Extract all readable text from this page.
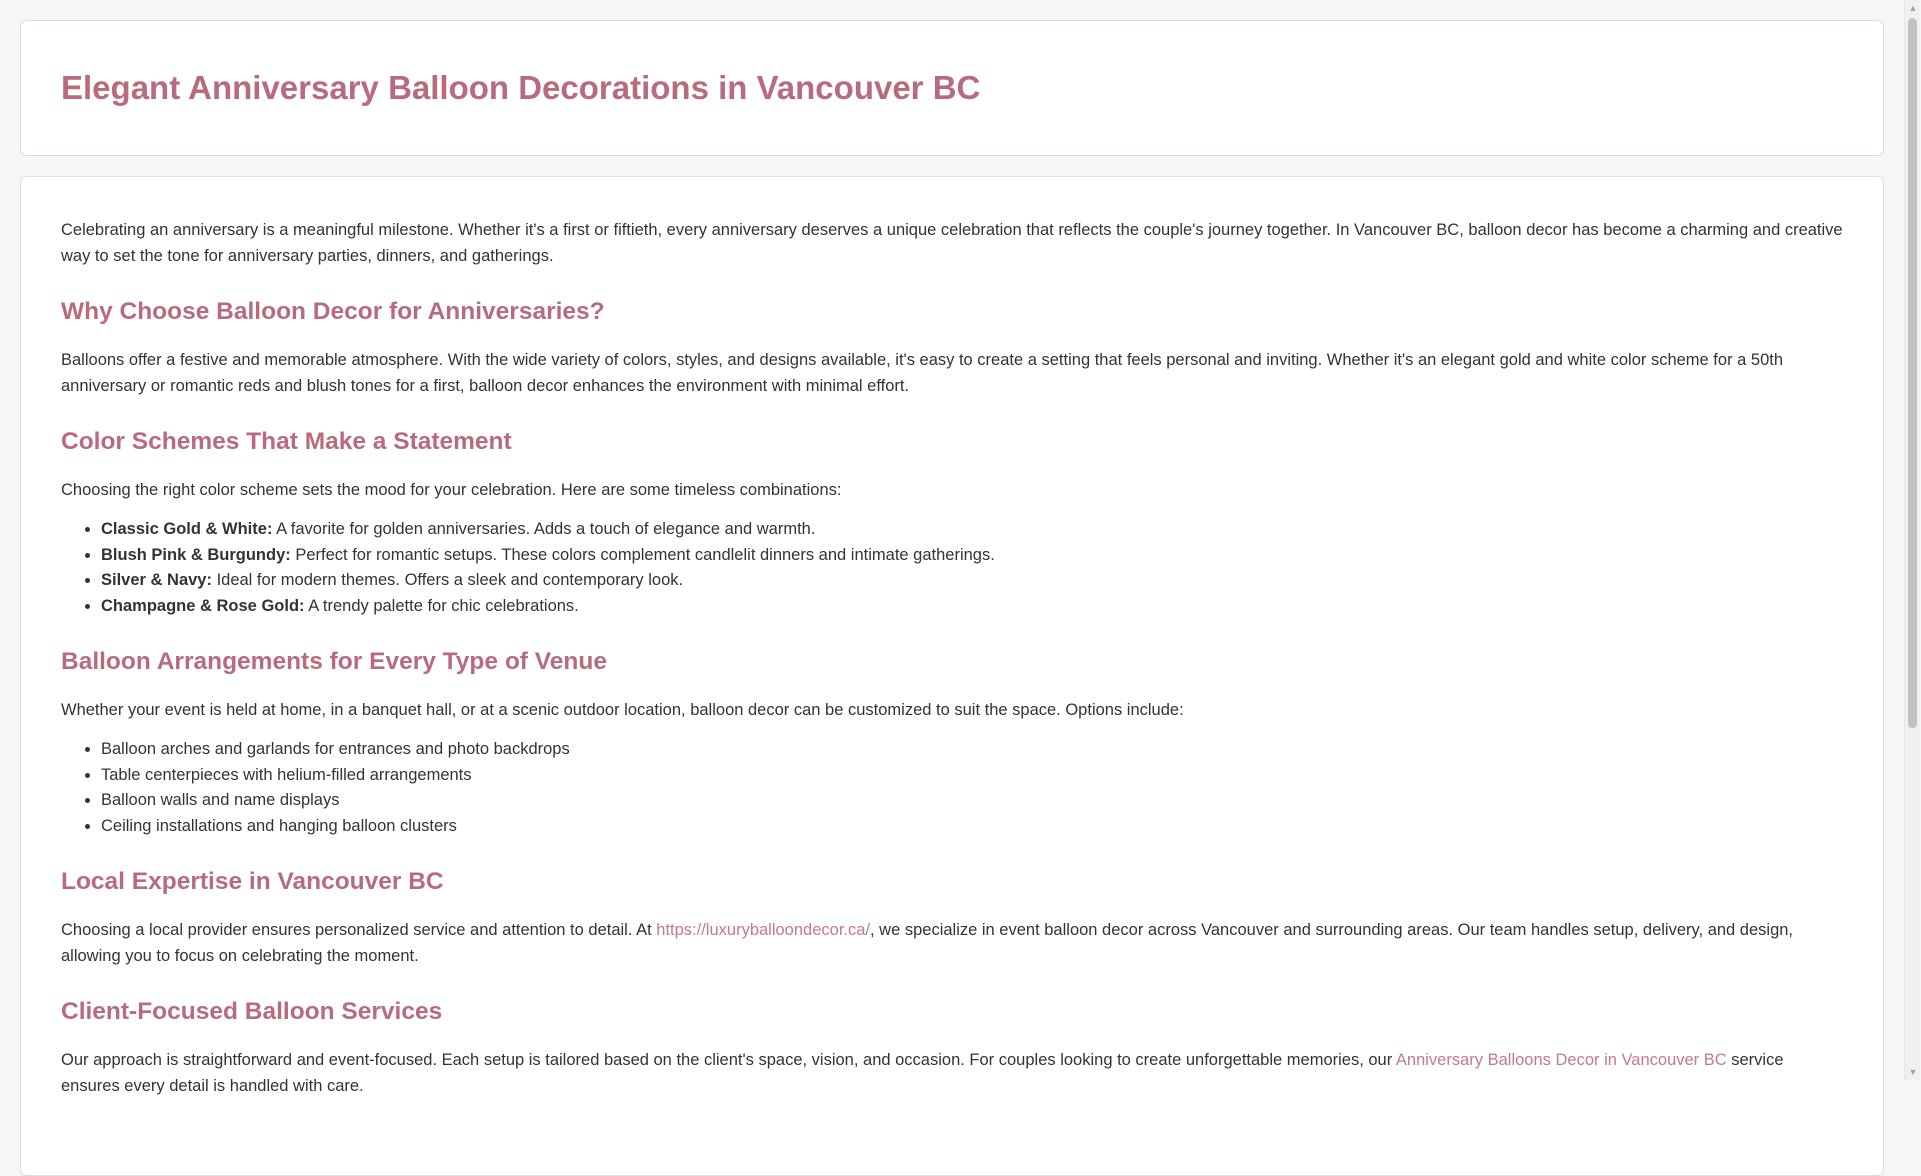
Elegant Anniversary Balloon Decorations in Vancouver BC

Celebrating an anniversary is a meaningful milestone. Whether it's a first or fiftieth, every anniversary deserves a unique celebration that reflects the couple's journey together. In Vancouver BC, balloon decor has become a charming and creative way to set the tone for anniversary parties, dinners, and gatherings.

Why Choose Balloon Decor for Anniversaries?

Balloons offer a festive and memorable atmosphere. With the wide variety of colors, styles, and designs available, it's easy to create a setting that feels personal and inviting. Whether it's an elegant gold and white color scheme for a 50th anniversary or romantic reds and blush tones for a first, balloon decor enhances the environment with minimal effort.

Color Schemes That Make a Statement

Choosing the right color scheme sets the mood for your celebration. Here are some timeless combinations:

• Classic Gold & White: A favorite for golden anniversaries. Adds a touch of elegance and warmth.
• Blush Pink & Burgundy: Perfect for romantic setups. These colors complement candlelit dinners and intimate gatherings.
• Silver & Navy: Ideal for modern themes. Offers a sleek and contemporary look.
• Champagne & Rose Gold: A trendy palette for chic celebrations.
Balloon Arrangements for Every Type of Venue

Whether your event is held at home, in a banquet hall, or at a scenic outdoor location, balloon decor can be customized to suit the space. Options include:

• Balloon arches and garlands for entrances and photo backdrops
• Table centerpieces with helium-filled arrangements
• Balloon walls and name displays
• Ceiling installations and hanging balloon clusters
Local Expertise in Vancouver BC

Choosing a local provider ensures personalized service and attention to detail. At https://luxuryballoondecor.ca/, we specialize in event balloon decor across Vancouver and surrounding areas. Our team handles setup, delivery, and design, allowing you to focus on celebrating the moment.

Client-Focused Balloon Services

Our approach is straightforward and event-focused. Each setup is tailored based on the client's space, vision, and occasion. For couples looking to create unforgettable memories, our Anniversary Balloons Decor in Vancouver BC service ensures every detail is handled with care.

▲
▼
